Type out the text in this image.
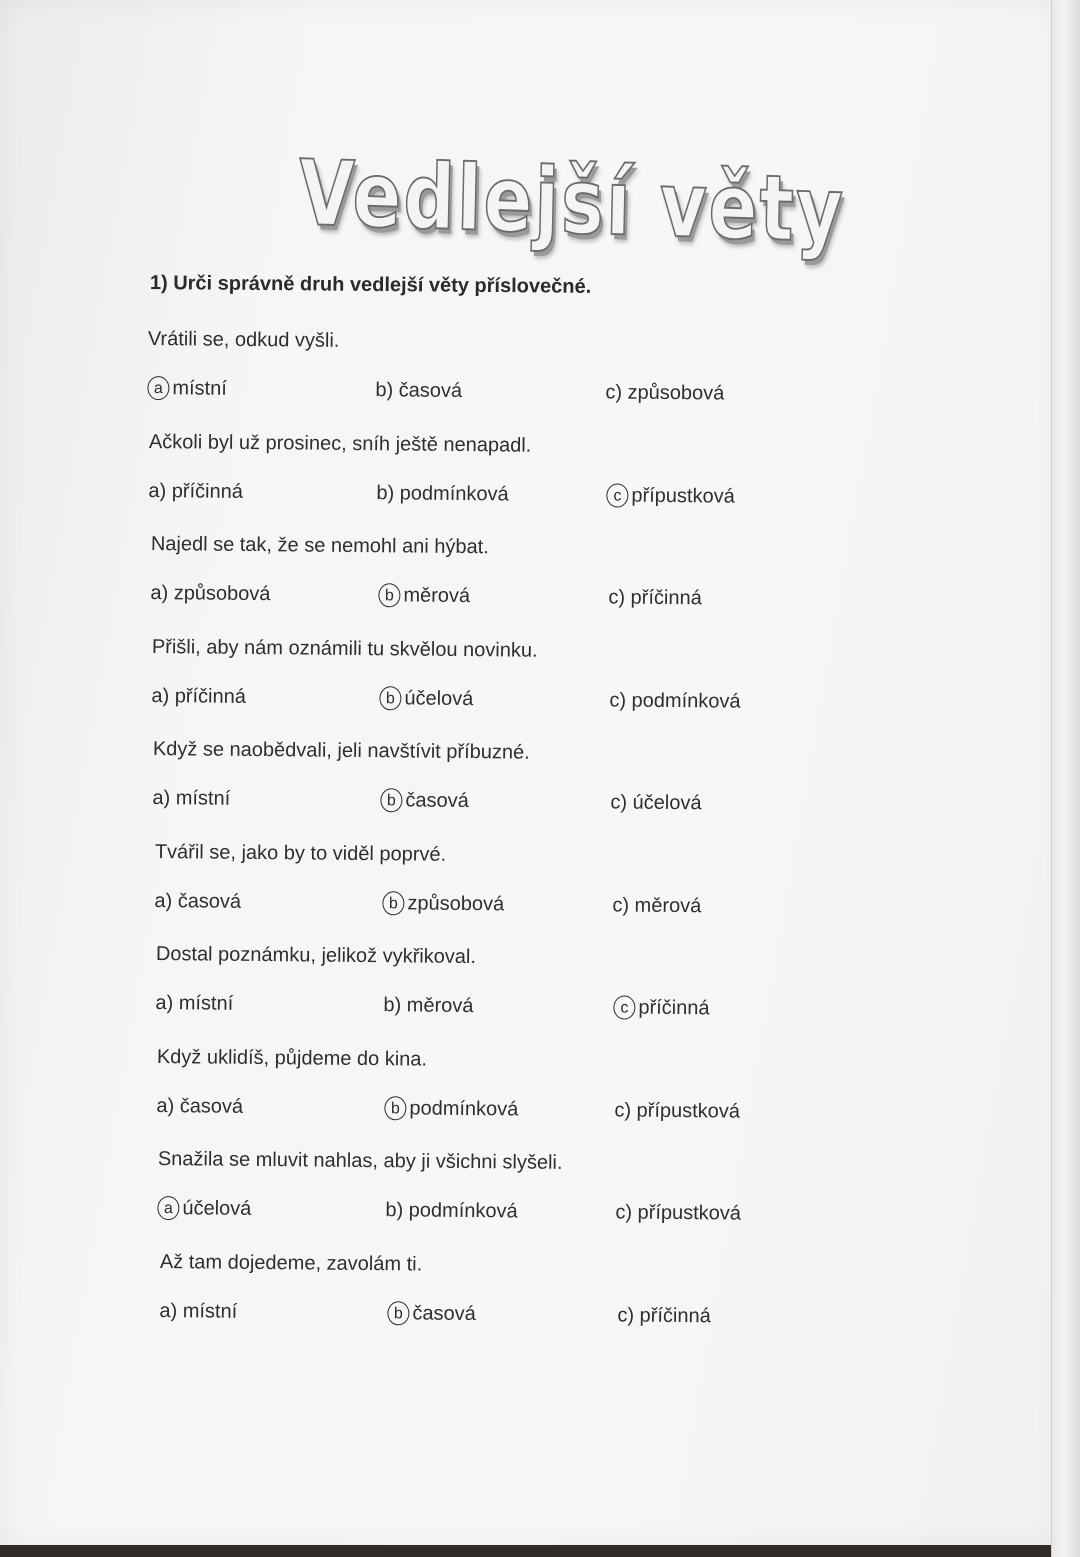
Vedlejší věty
1) Urči správně druh vedlejší věty příslovečné.
Vrátili se, odkud vyšli.
a místní	b ) časová	c ) způsobová
Ačkoli byl už prosinec, sníh ještě nenapadl.
a ) příčinná	b ) podmínková	c přípustková
Najedl se tak, že se nemohl ani hýbat.
a ) způsobová	b měrová	c ) příčinná
Přišli, aby nám oznámili tu skvělou novinku.
a ) příčinná	b účelová	c ) podmínková
Když se naobědvali, jeli navštívit příbuzné.
a ) místní	b časová	c ) účelová
Tvářil se, jako by to viděl poprvé.
a ) časová	b způsobová	c ) měrová
Dostal poznámku, jelikož vykřikoval.
a ) místní	b ) měrová	c příčinná
Když uklidíš, půjdeme do kina.
a ) časová	b podmínková	c ) přípustková
Snažila se mluvit nahlas, aby ji všichni slyšeli.
a účelová	b ) podmínková	c ) přípustková
Až tam dojedeme, zavolám ti.
a ) místní	b časová	c ) příčinná
